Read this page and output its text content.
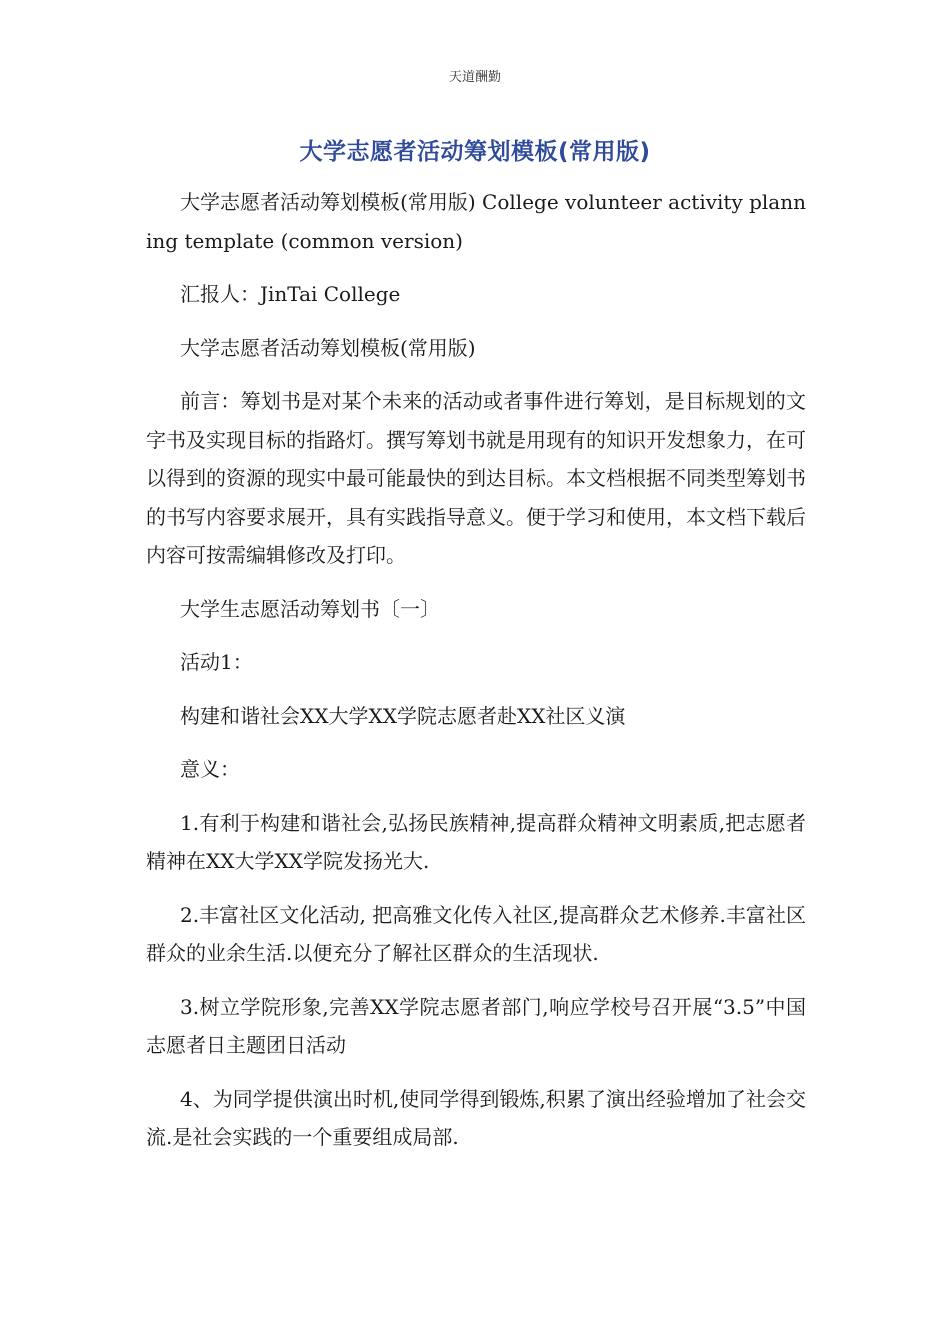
天道酬勤
大学志愿者活动筹划模板(常用版)

大学志愿者活动筹划模板(常用版) College volunteer activity planning template (common version)

汇报人：JinTai College

大学志愿者活动筹划模板(常用版)

前言：筹划书是对某个未来的活动或者事件进行筹划，是目标规划的文字书及实现目标的指路灯。撰写筹划书就是用现有的知识开发想象力，在可以得到的资源的现实中最可能最快的到达目标。本文档根据不同类型筹划书的书写内容要求展开，具有实践指导意义。便于学习和使用，本文档下载后内容可按需编辑修改及打印。

大学生志愿活动筹划书〔一〕

活动1：

构建和谐社会XX大学XX学院志愿者赴XX社区义演

意义：

1.有利于构建和谐社会,弘扬民族精神,提高群众精神文明素质,把志愿者精神在XX大学XX学院发扬光大.

2.丰富社区文化活动, 把高雅文化传入社区,提高群众艺术修养.丰富社区群众的业余生活.以便充分了解社区群众的生活现状.

3.树立学院形象,完善XX学院志愿者部门,响应学校号召开展“3.5”中国志愿者日主题团日活动

4、为同学提供演出时机,使同学得到锻炼,积累了演出经验增加了社会交流.是社会实践的一个重要组成局部.
